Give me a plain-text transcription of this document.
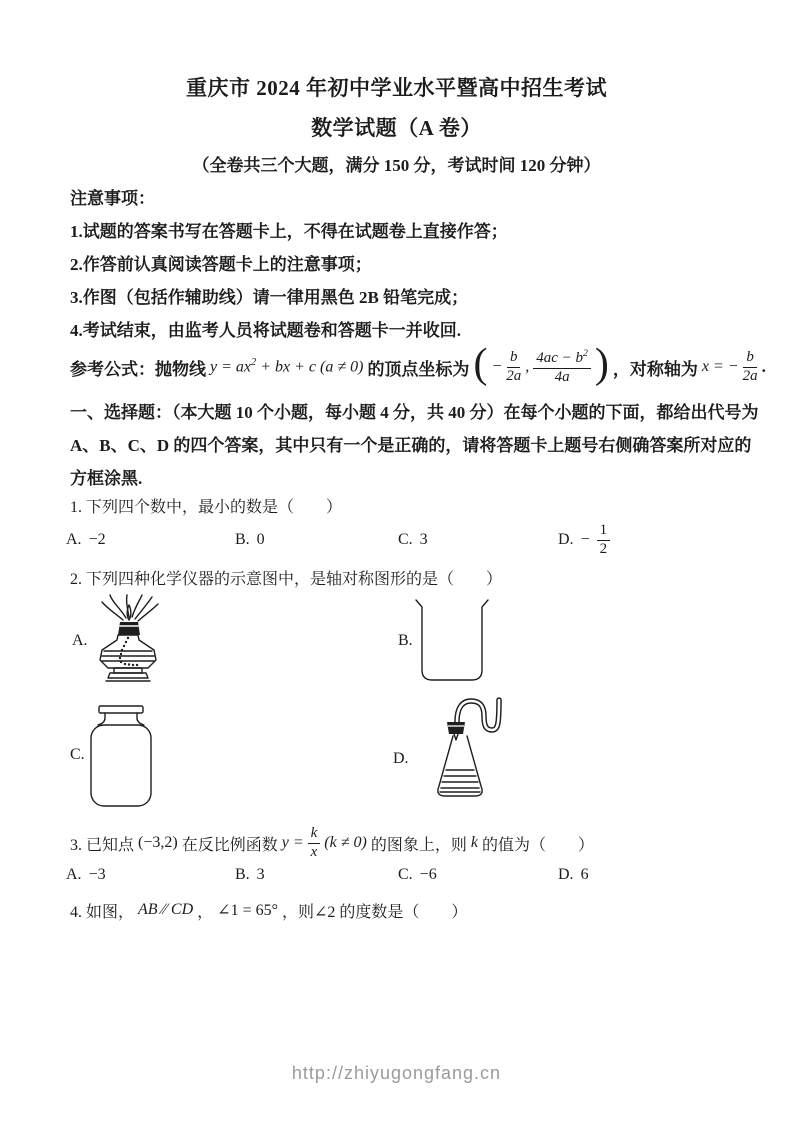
重庆市 2024 年初中学业水平暨高中招生考试
数学试题（A 卷）
（全卷共三个大题，满分 150 分，考试时间 120 分钟）
注意事项：
1.试题的答案书写在答题卡上，不得在试题卷上直接作答；
2.作答前认真阅读答题卡上的注意事项；
3.作图（包括作辅助线）请一律用黑色 2B 铅笔完成；
4.考试结束，由监考人员将试题卷和答题卡一并收回.
参考公式：抛物线 $y = ax^2$ + bx + c (a ≠ 0) 的顶点坐标为 ( − $\frac{b}{2a}$ , $\frac{4ac - b^2}{4a}$ ) ，对称轴为 x = − $\frac{b}{2a}$ .
一、选择题：（本大题 10 个小题，每小题 4 分，共 40 分）在每个小题的下面，都给出代号为
A、B、C、D 的四个答案，其中只有一个是正确的，请将答题卡上题号右侧确答案所对应的
方框涂黑.
1. 下列四个数中，最小的数是（　　）
A. −2	B. 0	C. 3	D. − $\frac{1}{2}$
2. 下列四种化学仪器的示意图中，是轴对称图形的是（　　）
A.	B.
C.	D.
3. 已知点 (−3,2) 在反比例函数 $y = \frac{k}{x} (k \ne 0)$ 的图象上，则 k 的值为（　　）
A. −3	B. 3	C. −6	D. 6
4. 如图， AB ∕∕ CD ， ∠1 = 65° ，则∠2 的度数是（　　）
http://zhiyugongfang.cn
